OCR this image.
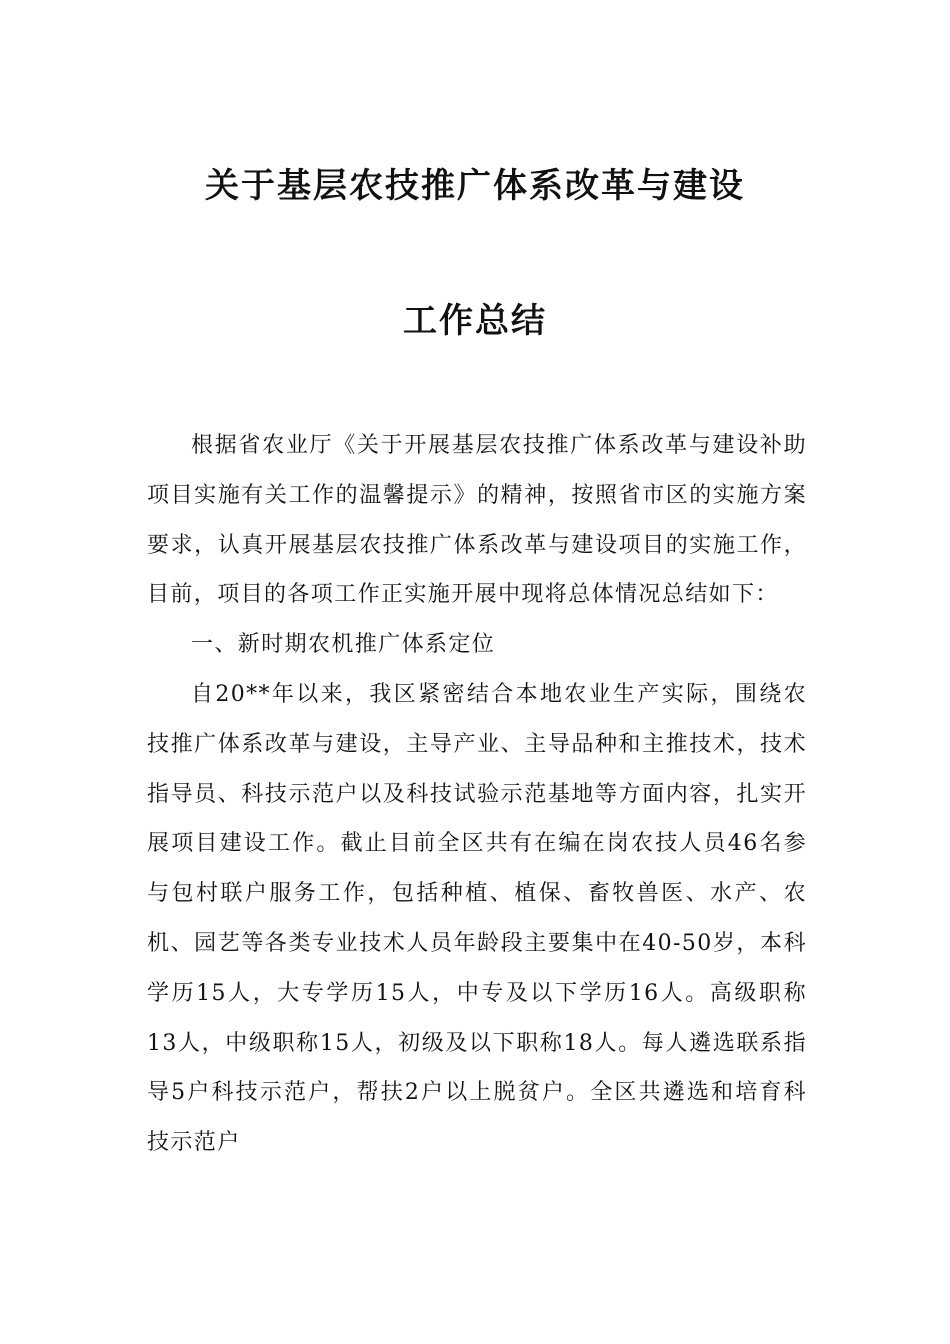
关于基层农技推广体系改革与建设
工作总结

根据省农业厅《关于开展基层农技推广体系改革与建设补助项目实施有关工作的温馨提示》的精神，按照省市区的实施方案要求，认真开展基层农技推广体系改革与建设项目的实施工作，目前，项目的各项工作正实施开展中现将总体情况总结如下：

一、新时期农机推广体系定位

自20**年以来，我区紧密结合本地农业生产实际，围绕农技推广体系改革与建设，主导产业、主导品种和主推技术，技术指导员、科技示范户以及科技试验示范基地等方面内容，扎实开展项目建设工作。截止目前全区共有在编在岗农技人员46名参与包村联户服务工作，包括种植、植保、畜牧兽医、水产、农机、园艺等各类专业技术人员年龄段主要集中在40-50岁，本科学历15人，大专学历15人，中专及以下学历16人。高级职称13人，中级职称15人，初级及以下职称18人。每人遴选联系指导5户科技示范户，帮扶2户以上脱贫户。全区共遴选和培育科技示范户
